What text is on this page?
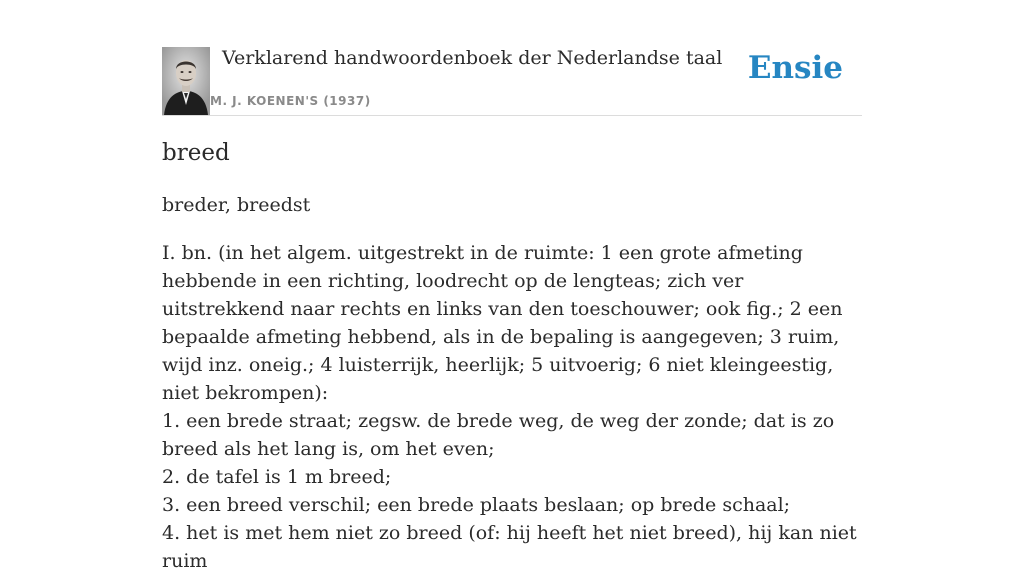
Verklarend handwoordenboek der Nederlandse taal
M. J. KOENEN'S (1937)
Ensie
breed
breder, breedst

I. bn. (in het algem. uitgestrekt in de ruimte: 1 een grote afmeting hebbende in een richting, loodrecht op de lengteas; zich ver uitstrekkend naar rechts en links van den toeschouwer; ook fig.; 2 een bepaalde afmeting hebbend, als in de bepaling is aangegeven; 3 ruim, wijd inz. oneig.; 4 luisterrijk, heerlijk; 5 uitvoerig; 6 niet kleingeestig, niet bekrompen):

1. een brede straat; zegsw. de brede weg, de weg der zonde; dat is zo breed als het lang is, om het even;

2. de tafel is 1 m breed;

3. een breed verschil; een brede plaats beslaan; op brede schaal;

4. het is met hem niet zo breed (of: hij heeft het niet breed), hij kan niet ruim
